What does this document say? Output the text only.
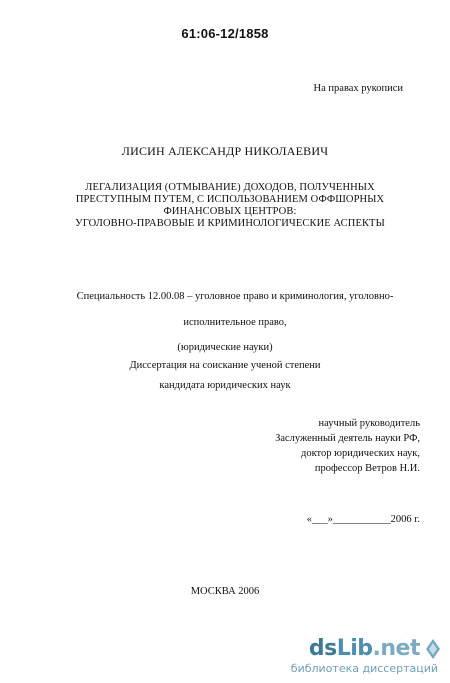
61:06-12/1858
На правах рукописи
ЛИСИН АЛЕКСАНДР НИКОЛАЕВИЧ
ЛЕГАЛИЗАЦИЯ (ОТМЫВАНИЕ) ДОХОДОВ, ПОЛУЧЕННЫХ
ПРЕСТУПНЫМ ПУТЕМ, С ИСПОЛЬЗОВАНИЕМ ОФФШОРНЫХ
ФИНАНСОВЫХ ЦЕНТРОВ:
УГОЛОВНО-ПРАВОВЫЕ И КРИМИНОЛОГИЧЕСКИЕ АСПЕКТЫ
Специальность 12.00.08 – уголовное право и криминология, уголовно-
исполнительное право,
(юридические науки)
Диссертация на соискание ученой степени
кандидата юридических наук
научный руководитель
Заслуженный деятель науки РФ,
доктор юридических наук,
профессор Ветров Н.И.
«___»___________2006 г.
МОСКВА 2006
dsLib.net
библиотека диссертаций
